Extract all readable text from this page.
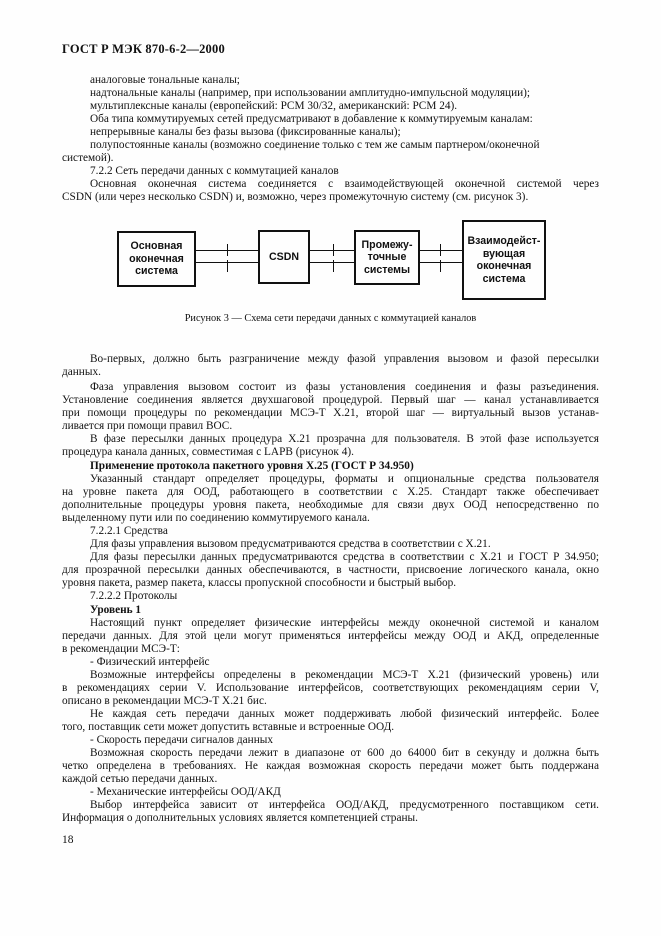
ГОСТ Р МЭК 870-6-2—2000
аналоговые тональные каналы;
надтональные каналы (например, при использовании амплитудно-импульсной модуляции);
мультиплексные каналы (европейский: PCM 30/32, американский: PCM 24).
Оба типа коммутируемых сетей предусматривают в добавление к коммутируемым каналам:
непрерывные каналы без фазы вызова (фиксированные каналы);
полупостоянные каналы (возможно соединение только с тем же самым партнером/оконечной
системой).
7.2.2 Сеть передачи данных с коммутацией каналов
Основная оконечная система соединяется с взаимодействующей оконечной системой через
CSDN (или через несколько CSDN) и, возможно, через промежуточную систему (см. рисунок 3).
Основная оконечная система
CSDN
Промежу-точные системы
Взаимодейст-вующая оконечная система
Рисунок 3 — Схема сети передачи данных с коммутацией каналов
Во-первых, должно быть разграничение между фазой управления вызовом и фазой пересылки
данных.
Фаза управления вызовом состоит из фазы установления соединения и фазы разъединения.
Установление соединения является двухшаговой процедурой. Первый шаг — канал устанавливается
при помощи процедуры по рекомендации МСЭ-Т X.21, второй шаг — виртуальный вызов устанав-
ливается при помощи правил ВОС.
В фазе пересылки данных процедура X.21 прозрачна для пользователя. В этой фазе используется
процедура канала данных, совместимая с LAPB (рисунок 4).
Применение протокола пакетного уровня X.25 (ГОСТ Р 34.950)
Указанный стандарт определяет процедуры, форматы и опциональные средства пользователя
на уровне пакета для ООД, работающего в соответствии с X.25. Стандарт также обеспечивает
дополнительные процедуры уровня пакета, необходимые для связи двух ООД непосредственно по
выделенному пути или по соединению коммутируемого канала.
7.2.2.1 Средства
Для фазы управления вызовом предусматриваются средства в соответствии с X.21.
Для фазы пересылки данных предусматриваются средства в соответствии с X.21 и ГОСТ Р 34.950;
для прозрачной пересылки данных обеспечиваются, в частности, присвоение логического канала, окно
уровня пакета, размер пакета, классы пропускной способности и быстрый выбор.
7.2.2.2 Протоколы
Уровень 1
Настоящий пункт определяет физические интерфейсы между оконечной системой и каналом
передачи данных. Для этой цели могут применяться интерфейсы между ООД и АКД, определенные
в рекомендации МСЭ-Т:
- Физический интерфейс
Возможные интерфейсы определены в рекомендации МСЭ-Т X.21 (физический уровень) или
в рекомендациях серии V. Использование интерфейсов, соответствующих рекомендациям серии V,
описано в рекомендации МСЭ-Т X.21 бис.
Не каждая сеть передачи данных может поддерживать любой физический интерфейс. Более
того, поставщик сети может допустить вставные и встроенные ООД.
- Скорость передачи сигналов данных
Возможная скорость передачи лежит в диапазоне от 600 до 64000 бит в секунду и должна быть
четко определена в требованиях. Не каждая возможная скорость передачи может быть поддержана
каждой сетью передачи данных.
- Механические интерфейсы ООД/АКД
Выбор интерфейса зависит от интерфейса ООД/АКД, предусмотренного поставщиком сети.
Информация о дополнительных условиях является компетенцией страны.
18
